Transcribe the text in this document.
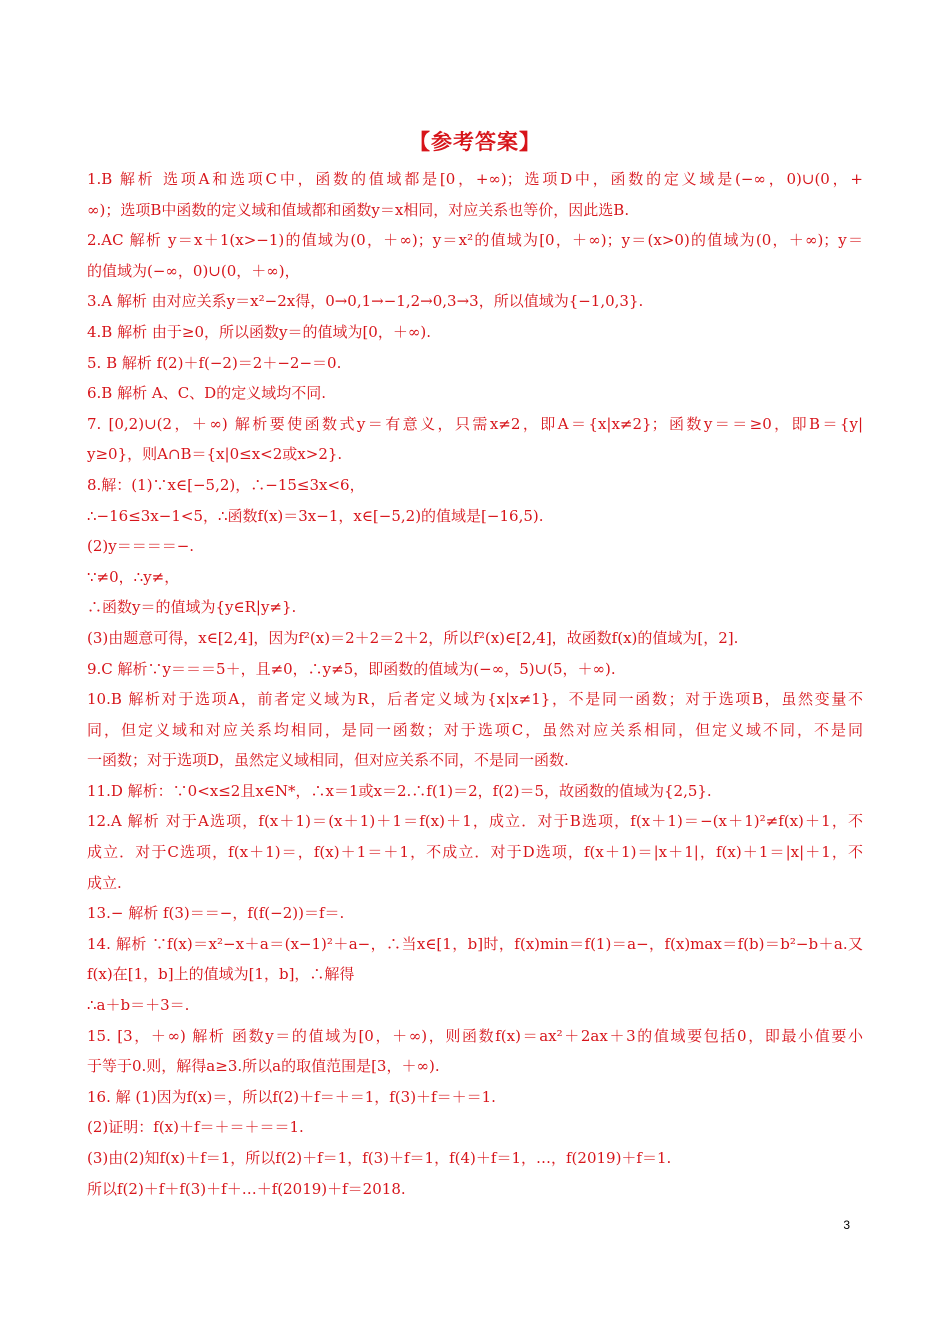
【参考答案】
1.B 解析 选项A和选项C中，函数的值域都是[0，+∞)；选项D中，函数的定义域是(−∞，0)∪(0，+
∞)；选项B中函数的定义域和值域都和函数y＝x相同，对应关系也等价，因此选B.
2.AC 解析 y＝x＋1(x>−1)的值域为(0，＋∞)；y＝x²的值域为[0，＋∞)；y＝(x>0)的值域为(0，＋∞)；y＝
的值域为(−∞，0)∪(0，＋∞)，
3.A 解析 由对应关系y＝x²−2x得，0→0,1→−1,2→0,3→3，所以值域为{−1,0,3}.
4.B 解析 由于≥0，所以函数y＝的值域为[0，＋∞).
5. B 解析 f(2)＋f(−2)＝2＋−2−＝0.
6.B 解析 A、C、D的定义域均不同.
7. [0,2)∪(2，＋∞) 解析要使函数式y＝有意义，只需x≠2，即A＝{x|x≠2}；函数y＝＝≥0，即B＝{y|
y≥0}，则A∩B＝{x|0≤x<2或x>2}.
8.解：(1)∵x∈[−5,2)，∴−15≤3x<6，
∴−16≤3x−1<5，∴函数f(x)＝3x−1，x∈[−5,2)的值域是[−16,5).
(2)y＝＝＝＝−.
∵≠0，∴y≠，
∴函数y＝的值域为{y∈R|y≠}.
(3)由题意可得，x∈[2,4]，因为f²(x)＝2＋2＝2＋2，所以f²(x)∈[2,4]，故函数f(x)的值域为[，2].
9.C 解析∵y＝＝＝5＋，且≠0，∴y≠5，即函数的值域为(−∞，5)∪(5，＋∞).
10.B 解析对于选项A，前者定义域为R，后者定义域为{x|x≠1}，不是同一函数；对于选项B，虽然变量不
同，但定义域和对应关系均相同，是同一函数；对于选项C，虽然对应关系相同，但定义域不同，不是同
一函数；对于选项D，虽然定义域相同，但对应关系不同，不是同一函数.
11.D 解析：∵0<x≤2且x∈N*，∴x＝1或x＝2.∴f(1)＝2，f(2)＝5，故函数的值域为{2,5}.
12.A 解析 对于A选项，f(x＋1)＝(x＋1)＋1＝f(x)＋1，成立．对于B选项，f(x＋1)＝−(x＋1)²≠f(x)＋1，不
成立．对于C选项，f(x＋1)＝，f(x)＋1＝＋1，不成立．对于D选项，f(x＋1)＝|x＋1|，f(x)＋1＝|x|＋1，不
成立.
13.− 解析 f(3)＝＝−，f(f(−2))＝f＝.
14. 解析 ∵f(x)＝x²−x＋a＝(x−1)²＋a−，∴当x∈[1，b]时，f(x)min＝f(1)＝a−，f(x)max＝f(b)＝b²−b＋a.又
f(x)在[1，b]上的值域为[1，b]，∴解得
∴a＋b＝＋3＝.
15. [3，＋∞) 解析 函数y＝的值域为[0，＋∞)，则函数f(x)＝ax²＋2ax＋3的值域要包括0，即最小值要小
于等于0.则，解得a≥3.所以a的取值范围是[3，＋∞).
16. 解 (1)因为f(x)＝，所以f(2)＋f＝＋＝1，f(3)＋f＝＋＝1.
(2)证明：f(x)＋f＝＋＝＋＝＝1.
(3)由(2)知f(x)＋f＝1，所以f(2)＋f＝1，f(3)＋f＝1，f(4)＋f＝1，…，f(2019)＋f＝1.
所以f(2)＋f＋f(3)＋f＋…＋f(2019)＋f＝2018.
3
